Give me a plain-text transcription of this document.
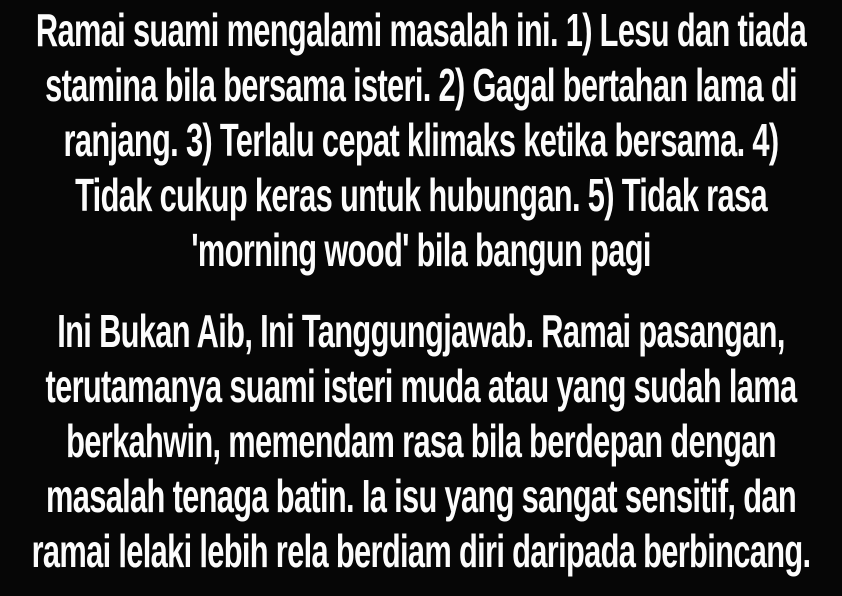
Ramai suami mengalami masalah ini. 1) Lesu dan tiada
stamina bila bersama isteri. 2) Gagal bertahan lama di
ranjang. 3) Terlalu cepat klimaks ketika bersama. 4)
Tidak cukup keras untuk hubungan. 5) Tidak rasa
'morning wood' bila bangun pagi
Ini Bukan Aib, Ini Tanggungjawab. Ramai pasangan,
terutamanya suami isteri muda atau yang sudah lama
berkahwin, memendam rasa bila berdepan dengan
masalah tenaga batin. Ia isu yang sangat sensitif, dan
ramai lelaki lebih rela berdiam diri daripada berbincang.
